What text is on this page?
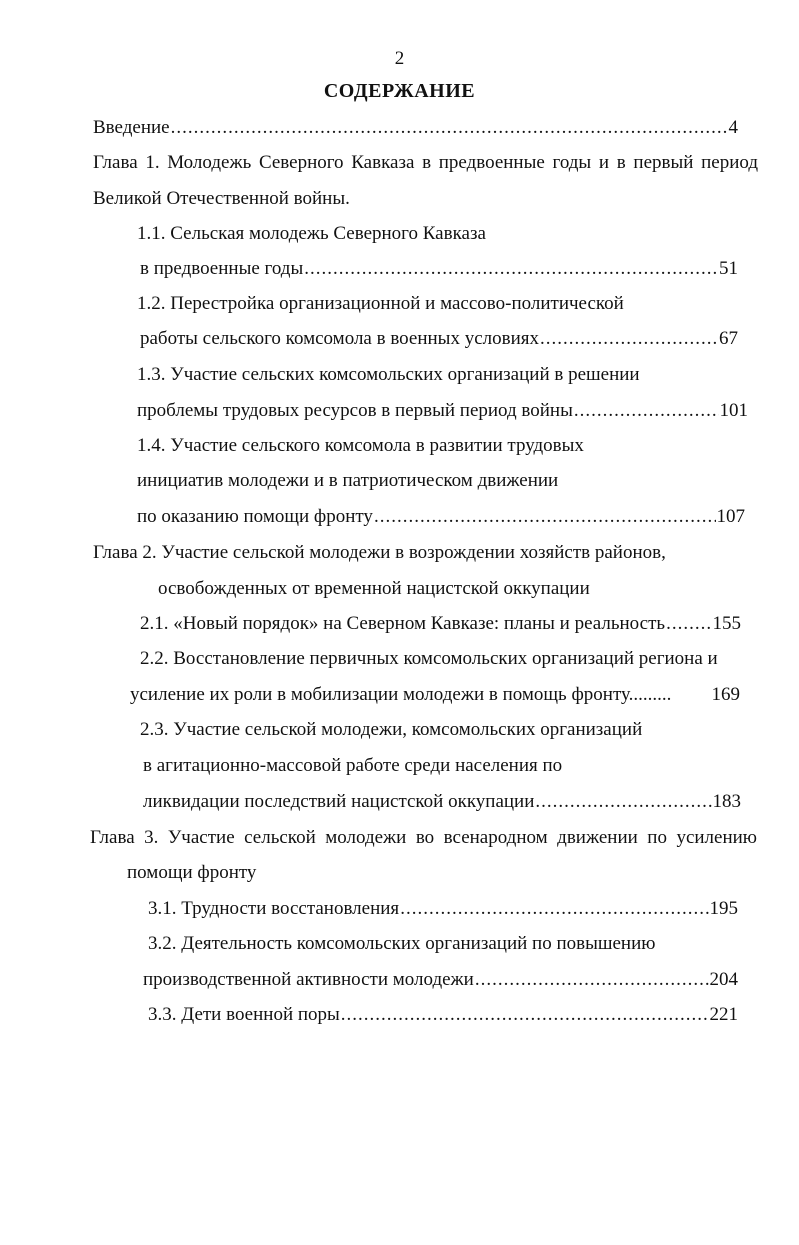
2
СОДЕРЖАНИЕ
Введение .....	4
Глава 1. Молодежь Северного Кавказа в предвоенные годы и в первый период
Великой Отечественной войны.
1.1. Сельская молодежь Северного Кавказа
в предвоенные годы .....	51
1.2. Перестройка организационной и массово-политической
работы сельского комсомола в военных условиях .....	67
1.3. Участие сельских комсомольских организаций в решении
проблемы трудовых ресурсов в первый период войны .....	101
1.4. Участие сельского комсомола в развитии трудовых
инициатив молодежи и в патриотическом движении
по оказанию помощи фронту .....	107
Глава 2. Участие сельской молодежи в возрождении хозяйств районов,
освобожденных от временной нацистской оккупации
2.1. «Новый порядок» на Северном Кавказе: планы и реальность ..... 155
2.2. Восстановление первичных комсомольских организаций региона и
усиление их роли в мобилизации молодежи в помощь фронту......... 169
2.3. Участие сельской молодежи, комсомольских организаций
в агитационно-массовой работе среди населения по
ликвидации последствий нацистской оккупации .....	183
Глава 3. Участие сельской молодежи во всенародном движении по усилению
помощи фронту
3.1. Трудности восстановления .....	195
3.2. Деятельность комсомольских организаций по повышению
производственной активности молодежи .....	204
3.3. Дети военной поры .....	221
